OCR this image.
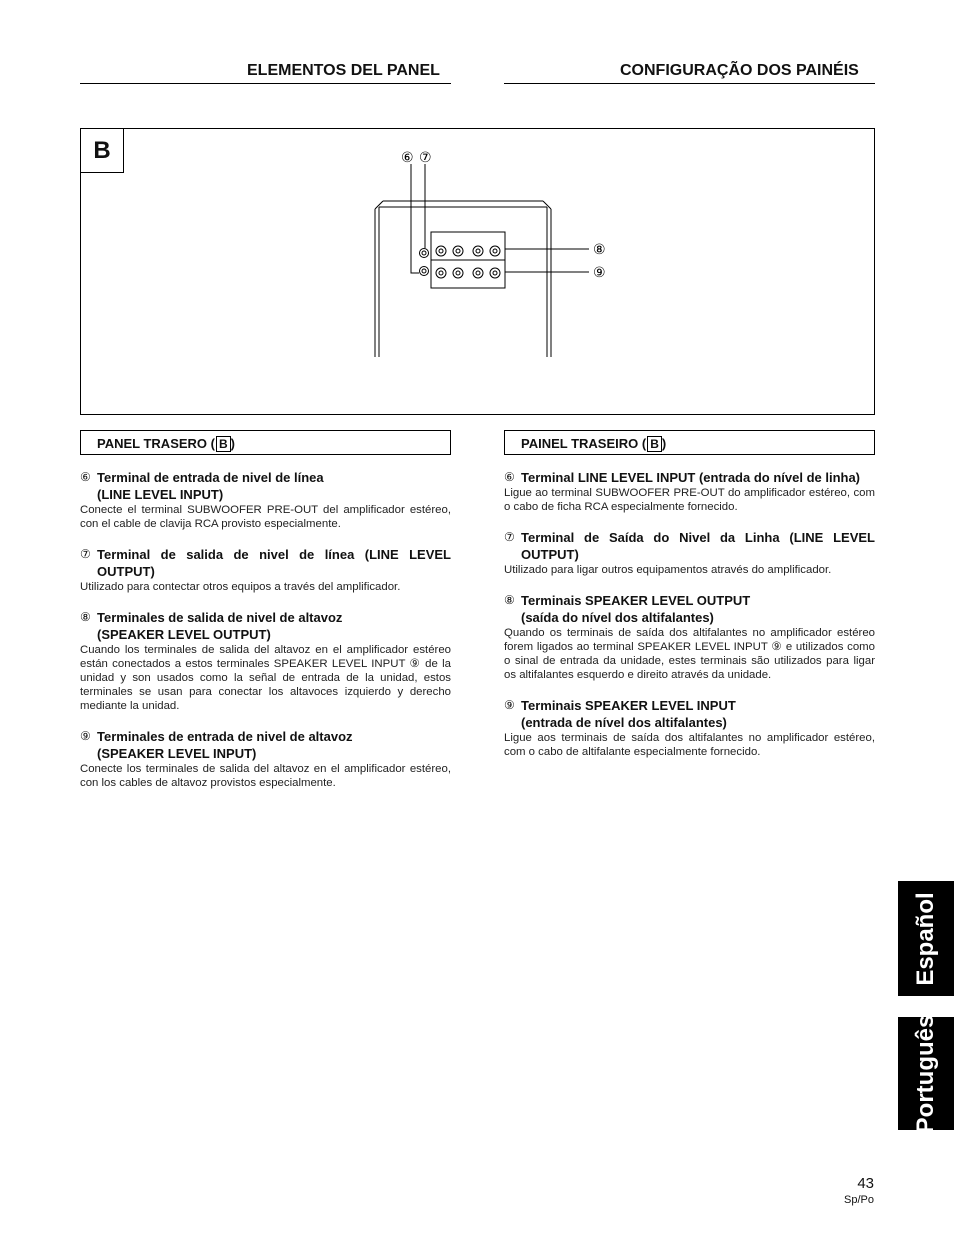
ELEMENTOS DEL PANEL	CONFIGURAÇÃO DOS PAINÉIS
B	⑥ ⑦
⑧
⑨
PANEL TRASERO ( B )	PAINEL TRASEIRO ( B )
⑥ Terminal de entrada de nivel de línea
(LINE LEVEL INPUT)
Conecte el terminal SUBWOOFER PRE-OUT del amplificador estéreo, con el cable de clavija RCA provisto especialmente.
⑦ Terminal de salida de nivel de línea (LINE LEVEL OUTPUT)
Utilizado para contectar otros equipos a través del amplificador.
⑧ Terminales de salida de nivel de altavoz
(SPEAKER LEVEL OUTPUT)
Cuando los terminales de salida del altavoz en el amplificador estéreo están conectados a estos terminales SPEAKER LEVEL INPUT ⑨ de la unidad y son usados como la señal de entrada de la unidad, estos terminales se usan para conectar los altavoces izquierdo y derecho mediante la unidad.
⑨ Terminales de entrada de nivel de altavoz
(SPEAKER LEVEL INPUT)
Conecte los terminales de salida del altavoz en el amplificador estéreo, con los cables de altavoz provistos especialmente.
⑥ Terminal LINE LEVEL INPUT (entrada do nível de linha)
Ligue ao terminal SUBWOOFER PRE-OUT do amplificador estéreo, com o cabo de ficha RCA especialmente fornecido.
⑦ Terminal de Saída do Nivel da Linha (LINE LEVEL OUTPUT)
Utilizado para ligar outros equipamentos através do amplificador.
⑧ Terminais SPEAKER LEVEL OUTPUT
(saída do nível dos altifalantes)
Quando os terminais de saída dos altifalantes no amplificador estéreo forem ligados ao terminal SPEAKER LEVEL INPUT ⑨ e utilizados como o sinal de entrada da unidade, estes terminais são utilizados para ligar os altifalantes esquerdo e direito através da unidade.
⑨ Terminais SPEAKER LEVEL INPUT
(entrada de nível dos altifalantes)
Ligue aos terminais de saída dos altifalantes no amplificador estéreo, com o cabo de altifalante especialmente fornecido.
Español
Português
43
Sp/Po
